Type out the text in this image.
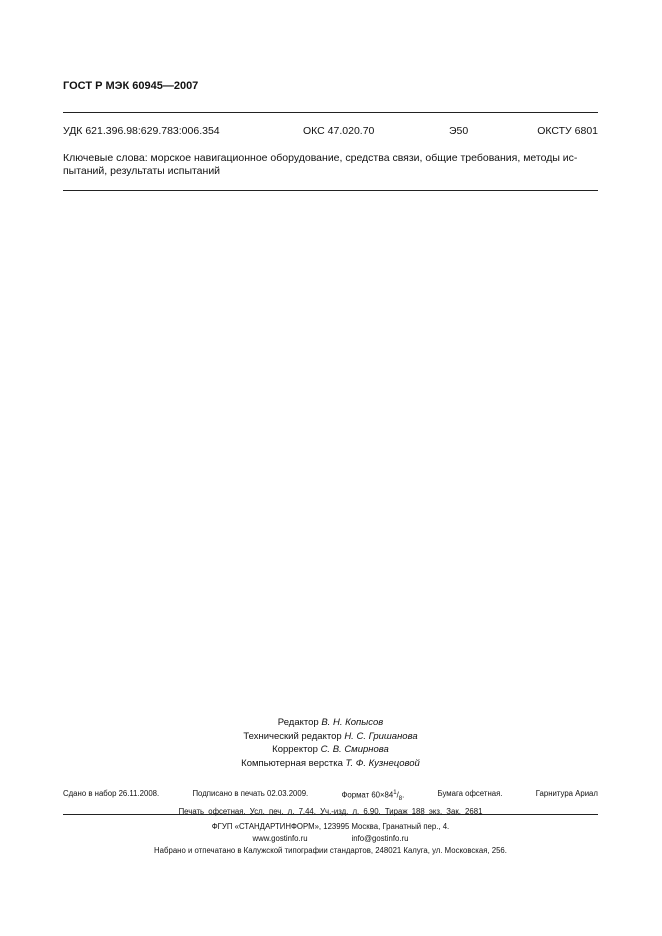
ГОСТ Р МЭК 60945—2007
УДК 621.396.98:629.783:006.354	ОКС 47.020.70	Э50	ОКСТУ 6801
Ключевые слова: морское навигационное оборудование, средства связи, общие требования, методы ис-пытаний, результаты испытаний
Редактор В. Н. Копысов
Технический редактор Н. С. Гришанова
Корректор С. В. Смирнова
Компьютерная верстка Т. Ф. Кузнецовой
Сдано в набор 26.11.2008.	Подписано в печать 02.03.2009.	Формат $60\times 84^1/_8$.	Бумага офсетная.	Гарнитура Ариал
Печать офсетная. Усл. печ. л. 7,44. Уч.-изд. л. 6,90. Тираж 188 экз. Зак. 2681
ФГУП «СТАНДАРТИНФОРМ», 123995 Москва, Гранатный пер., 4.
www.gostinfo.ru	info@gostinfo.ru
Набрано и отпечатано в Калужской типографии стандартов, 248021 Калуга, ул. Московская, 256.
